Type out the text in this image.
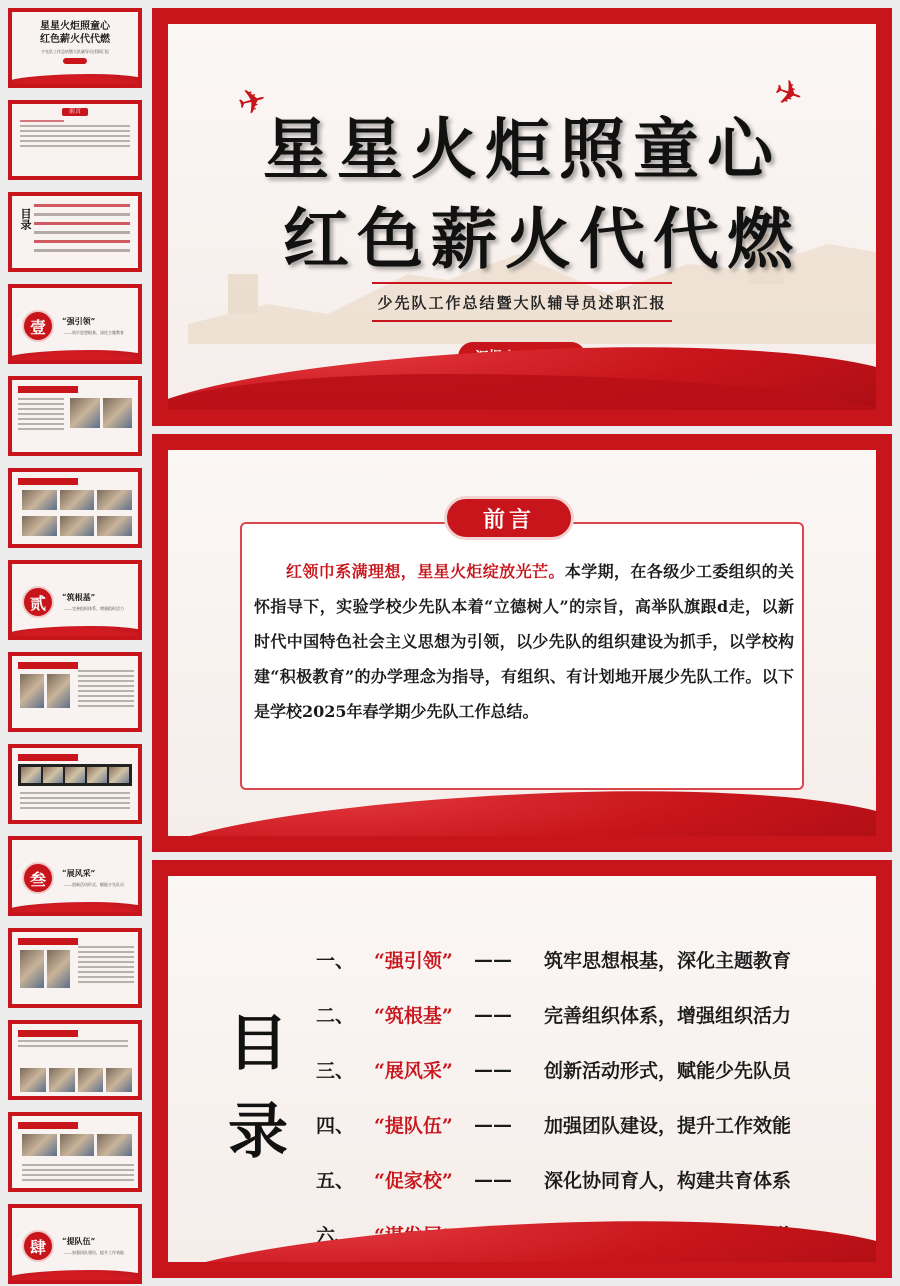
星星火炬照童心
红色薪火代代燃
少先队工作总结暨大队辅导员述职汇报
前言
目录
壹	“强引领”
——筑牢思想根基，深化主题教育
贰	“筑根基”
——完善组织体系，增强组织活力
叁	“展风采”
——创新活动形式，赋能少先队员
肆	“提队伍”
——加强团队建设，提升工作效能
✈	✈
星星火炬照童心
红色薪火代代燃
少先队工作总结暨大队辅导员述职汇报
前言
红领巾系满理想，星星火炬绽放光芒。本学期，在各级少工委组织的关怀指导下，实验学校少先队本着“立德树人”的宗旨，高举队旗跟d走，以新时代中国特色社会主义思想为引领，以少先队的组织建设为抓手，以学校构建“积极教育”的办学理念为指导，有组织、有计划地开展少先队工作。以下是学校2025年春学期少先队工作总结。
目
录
一、	“强引领”	——	筑牢思想根基，深化主题教育
二、	“筑根基”	——	完善组织体系，增强组织活力
三、	“展风采”	——	创新活动形式，赋能少先队员
四、	“提队伍”	——	加强团队建设，提升工作效能
五、	“促家校”	——	深化协同育人，构建共育体系
六、
